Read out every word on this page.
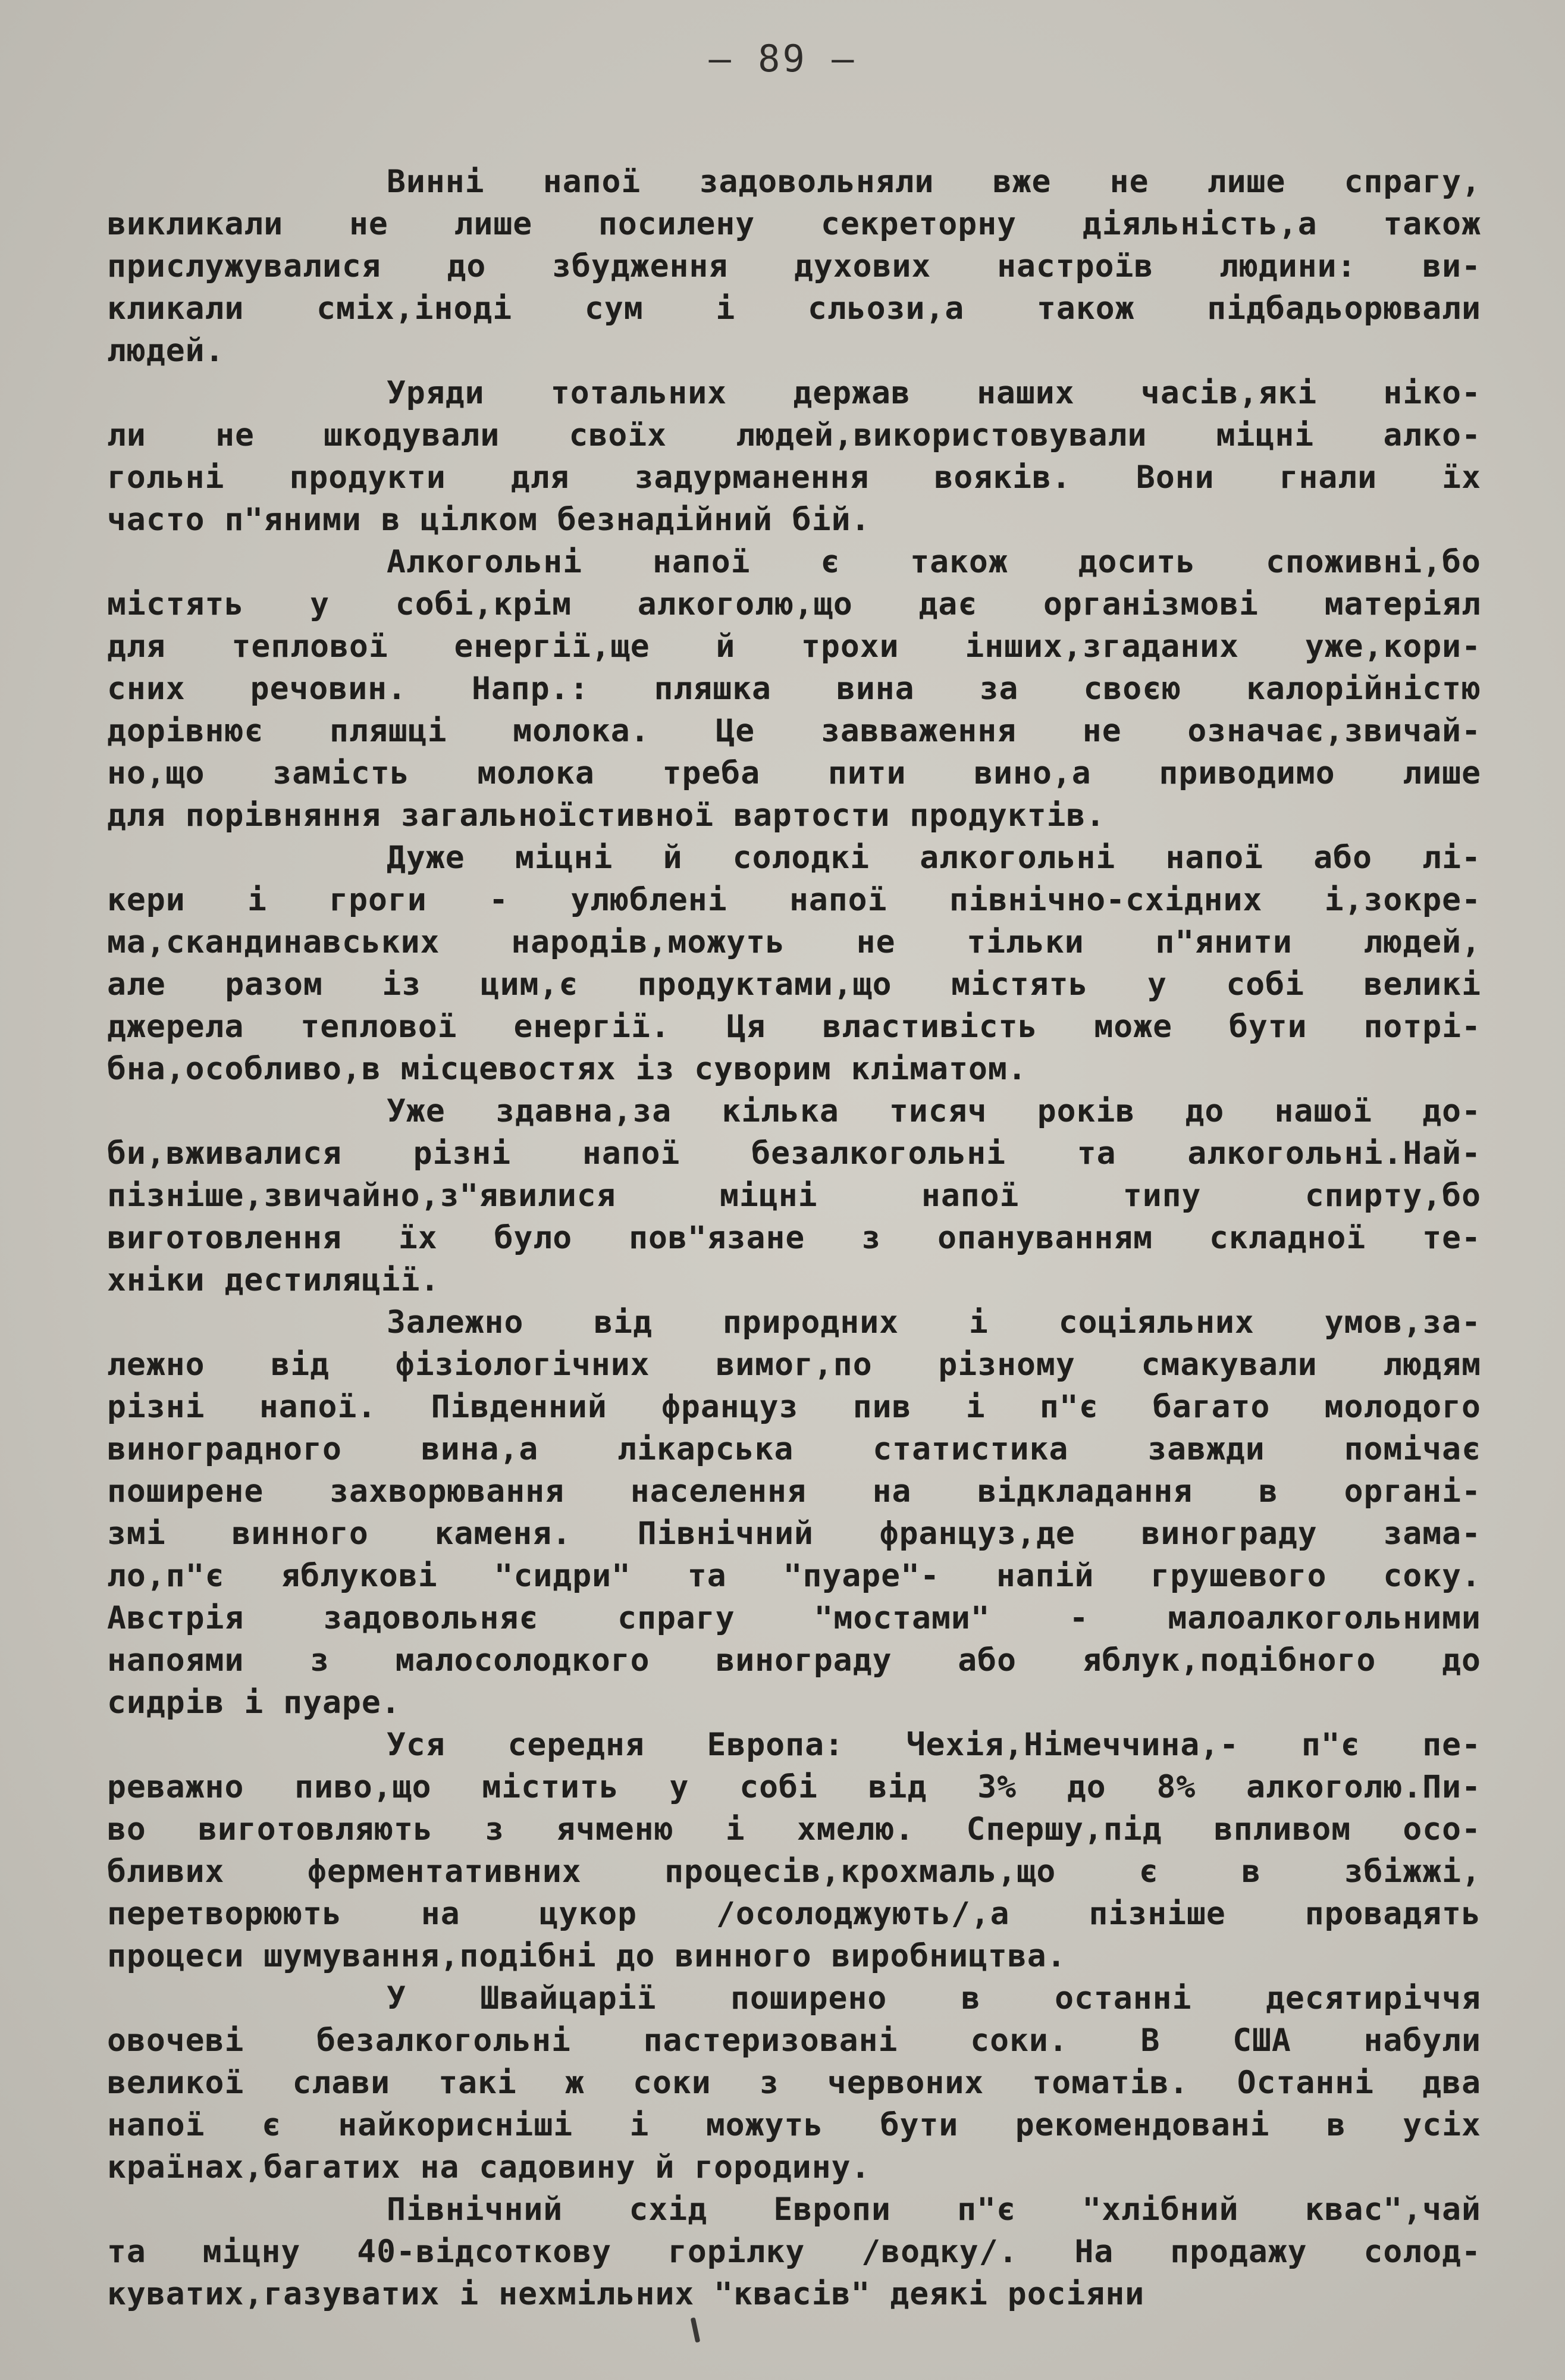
– 89 –
Винні напої задовольняли вже не лише спрагу,
викликали не лише посилену секреторну діяльність,а також
прислужувалися до збудження духових настроїв людини: ви-
кликали сміх,іноді сум і сльози,а також підбадьорювали
людей.
Уряди тотальних держав наших часів,які ніко-
ли не шкодували своїх людей,використовували міцні алко-
гольні продукти для задурманення вояків. Вони гнали їх
часто п"яними в цілком безнадійний бій.
Алкогольні напої є також досить споживні,бо
містять у собі,крім алкоголю,що дає організмові матеріял
для теплової енергії,ще й трохи інших,згаданих уже,кори-
сних речовин. Напр.: пляшка вина за своєю калорійністю
дорівнює пляшці молока. Це завваження не означає,звичай-
но,що замість молока треба пити вино,а приводимо лише
для порівняння загальноїстивної вартости продуктів.
Дуже міцні й солодкі алкогольні напої або лі-
кери і гроги - улюблені напої північно-східних і,зокре-
ма,скандинавських народів,можуть не тільки п"янити людей,
але разом із цим,є продуктами,що містять у собі великі
джерела теплової енергії. Ця властивість може бути потрі-
бна,особливо,в місцевостях із суворим кліматом.
Уже здавна,за кілька тисяч років до нашої до-
би,вживалися різні напої безалкогольні та алкогольні.Най-
пізніше,звичайно,з"явилися	міцні	напої	типу	спирту,бо
виготовлення їх було пов"язане з опануванням складної те-
хніки дестиляції.
Залежно від природних і соціяльних умов,за-
лежно від фізіологічних вимог,по різному смакували людям
різні напої. Південний француз пив і п"є багато молодого
виноградного	вина,а	лікарська	статистика	завжди	помічає
поширене захворювання населення на відкладання в органі-
змі винного каменя. Північний француз,де винограду зама-
ло,п"є яблукові "сидри" та "пуаре"- напій грушевого соку.
Австрія	задовольняє	спрагу	"мостами"	-	малоалкогольними
напоями з малосолодкого винограду або яблук,подібного до
сидрів і пуаре.
Уся середня Европа: Чехія,Німеччина,- п"є пе-
реважно пиво,що містить у собі від 3% до 8% алкоголю.Пи-
во виготовляють з ячменю і хмелю. Спершу,під впливом осо-
бливих	ферментативних	процесів,крохмаль,що	є	в	збіжжі,
перетворюють	на	цукор	/осолоджують/,а	пізніше	провадять
процеси шумування,подібні до винного виробництва.
У Швайцарії поширено в останні десятиріччя
овочеві безалкогольні пастеризовані соки. В США набули
великої слави такі ж соки з червоних томатів. Останні два
напої є найкорисніші і можуть бути рекомендовані в усіх
країнах,багатих на садовину й городину.
Північний схід Европи п"є "хлібний квас",чай
та міцну 40-відсоткову горілку /водку/. На продажу солод-
куватих,газуватих і нехмільних "квасів" деякі росіяни
